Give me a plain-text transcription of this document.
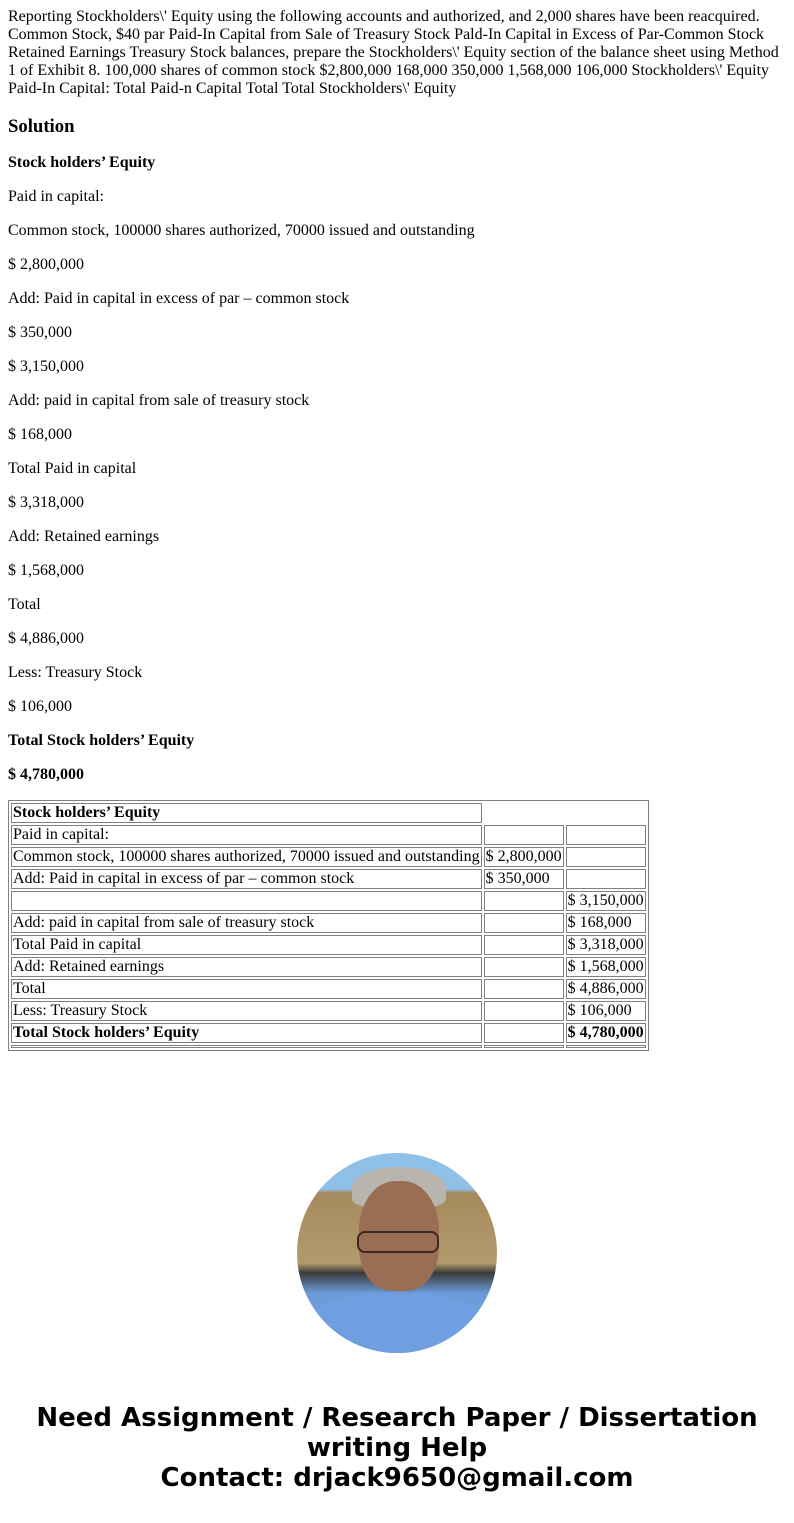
Reporting Stockholders\' Equity using the following accounts and authorized, and 2,000 shares have been reacquired. Common Stock, $40 par Paid-In Capital from Sale of Treasury Stock Pald-In Capital in Excess of Par-Common Stock Retained Earnings Treasury Stock balances, prepare the Stockholders\' Equity section of the balance sheet using Method 1 of Exhibit 8. 100,000 shares of common stock $2,800,000 168,000 350,000 1,568,000 106,000 Stockholders\' Equity Paid-In Capital: Total Paid-n Capital Total Total Stockholders\' Equity

Solution

Stock holders’ Equity

Paid in capital:

Common stock, 100000 shares authorized, 70000 issued and outstanding

$ 2,800,000

Add: Paid in capital in excess of par – common stock

$ 350,000

$ 3,150,000

Add: paid in capital from sale of treasury stock

$ 168,000

Total Paid in capital

$ 3,318,000

Add: Retained earnings

$ 1,568,000

Total

$ 4,886,000

Less: Treasury Stock

$ 106,000

Total Stock holders’ Equity

$ 4,780,000

Stock holders’ Equity		
Paid in capital:		
Common stock, 100000 shares authorized, 70000 issued and outstanding	$ 2,800,000	
Add: Paid in capital in excess of par – common stock	$ 350,000	
		$ 3,150,000
Add: paid in capital from sale of treasury stock		$ 168,000
Total Paid in capital		$ 3,318,000
Add: Retained earnings		$ 1,568,000
Total		$ 4,886,000
Less: Treasury Stock		$ 106,000
Total Stock holders’ Equity		$ 4,780,000

Need Assignment / Research Paper / Dissertation
writing Help
Contact: drjack9650@gmail.com
